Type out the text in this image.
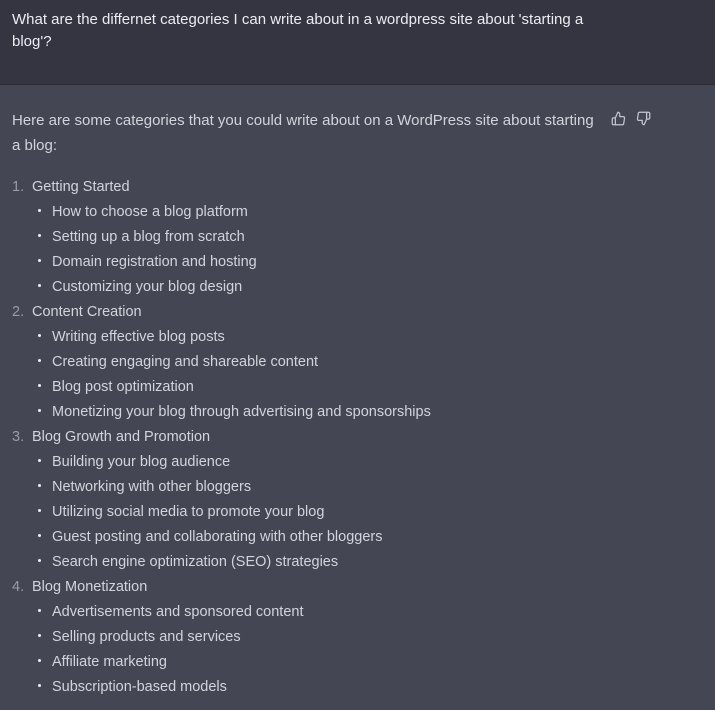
What are the differnet categories I can write about in a wordpress site about 'starting a blog'?
Here are some categories that you could write about on a WordPress site about starting a blog:
1. Getting Started
How to choose a blog platform
Setting up a blog from scratch
Domain registration and hosting
Customizing your blog design
2. Content Creation
Writing effective blog posts
Creating engaging and shareable content
Blog post optimization
Monetizing your blog through advertising and sponsorships
3. Blog Growth and Promotion
Building your blog audience
Networking with other bloggers
Utilizing social media to promote your blog
Guest posting and collaborating with other bloggers
Search engine optimization (SEO) strategies
4. Blog Monetization
Advertisements and sponsored content
Selling products and services
Affiliate marketing
Subscription-based models
